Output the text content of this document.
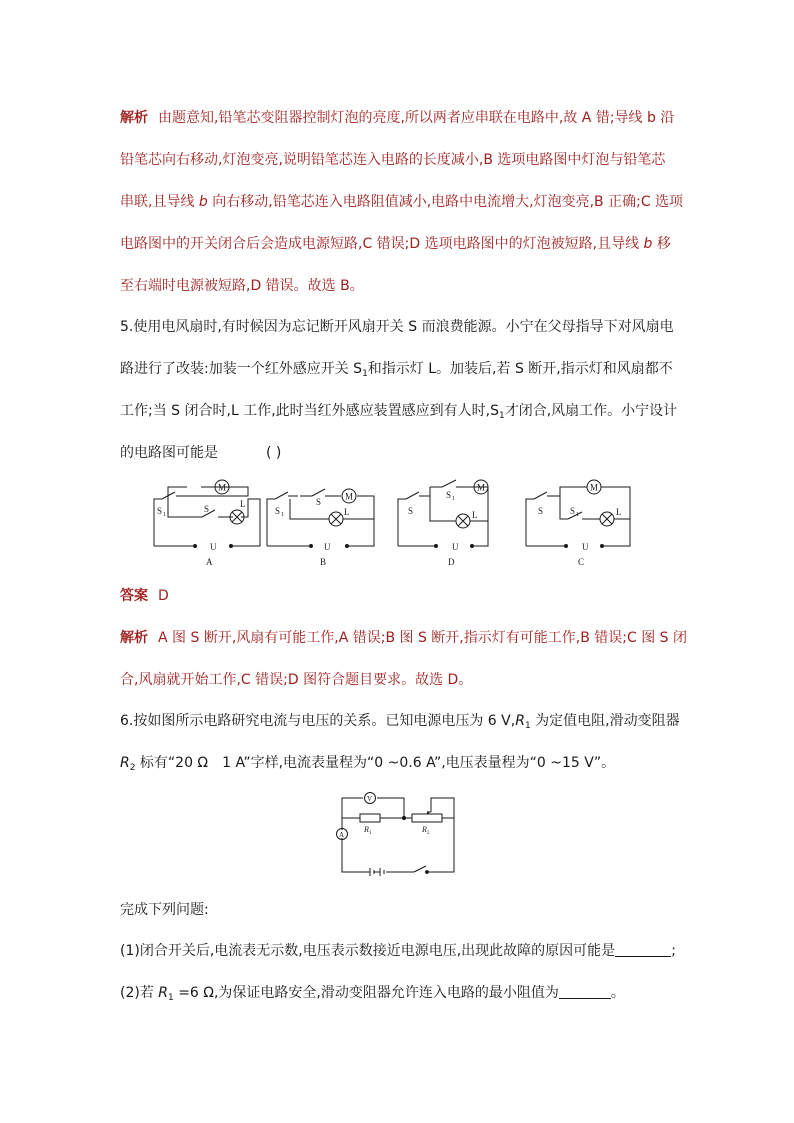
解析 由题意知,铅笔芯变阻器控制灯泡的亮度,所以两者应串联在电路中,故 A 错;导线 b 沿
铅笔芯向右移动,灯泡变亮,说明铅笔芯连入电路的长度减小,B 选项电路图中灯泡与铅笔芯
串联,且导线 b 向右移动,铅笔芯连入电路阻值减小,电路中电流增大,灯泡变亮,B 正确;C 选项
电路图中的开关闭合后会造成电源短路,C 错误;D 选项电路图中的灯泡被短路,且导线 b 移
至右端时电源被短路,D 错误。故选 B。
5.使用电风扇时,有时候因为忘记断开风扇开关 S 而浪费能源。小宁在父母指导下对风扇电
路进行了改装:加装一个红外感应开关 $S_1$和指示灯 L。加装后,若 S 断开,指示灯和风扇都不
工作;当 S 闭合时,L 工作,此时当红外感应装置感应到有人时$,S_1$才闭合,风扇工作。小宁设计
的电路图可能是	( )
M
S 1
S	L
U
A
M
S
S 1	L
U
B
M
S 1
S	L
U
D
M
S	S 1	L
U
C
答案 D
解析 A 图 S 断开,风扇有可能工作,A 错误;B 图 S 断开,指示灯有可能工作,B 错误;C 图 S 闭
合,风扇就开始工作,C 错误;D 图符合题目要求。故选 D。
6.按如图所示电路研究电流与电压的关系。已知电源电压为 6 $V,R_1$ 为定值电阻,滑动变阻器
$R_2$ 标有“20 Ω　1 A”字样,电流表量程为“0 ~0.6 A”,电压表量程为“0 ~15 V”。
V
A
R 1	R 2
完成下列问题:
(1)闭合开关后,电流表无示数,电压表示数接近电源电压,出现此故障的原因可能是	;
(2)若 $R_1 =6$ Ω,为保证电路安全,滑动变阻器允许连入电路的最小阻值为	。
